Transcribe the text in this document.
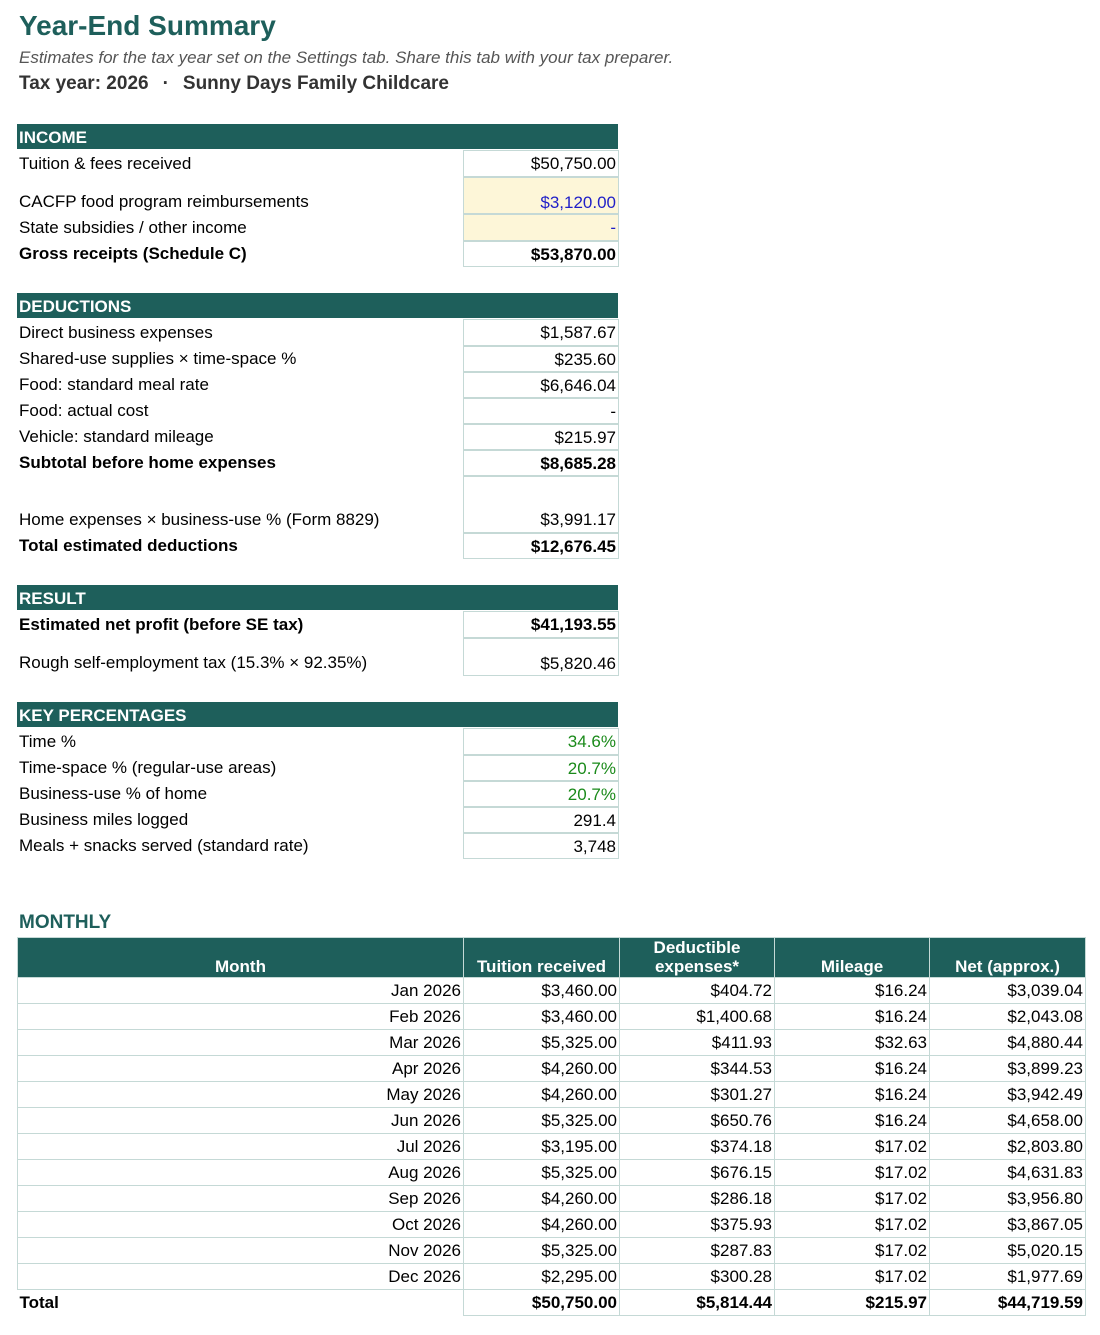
Year-End Summary
Estimates for the tax year set on the Settings tab. Share this tab with your tax preparer.
Tax year: 2026 · Sunny Days Family Childcare
INCOME
Tuition & fees received	$50,750.00
CACFP food program reimbursements	$3,120.00
State subsidies / other income	-
Gross receipts (Schedule C)	$53,870.00
DEDUCTIONS
Direct business expenses	$1,587.67
Shared-use supplies × time-space %	$235.60
Food: standard meal rate	$6,646.04
Food: actual cost	-
Vehicle: standard mileage	$215.97
Subtotal before home expenses	$8,685.28
Home expenses × business-use % (Form 8829)	$3,991.17
Total estimated deductions	$12,676.45
RESULT
Estimated net profit (before SE tax)	$41,193.55
Rough self-employment tax (15.3% × 92.35%)	$5,820.46
KEY PERCENTAGES
Time %	34.6%
Time-space % (regular-use areas)	20.7%
Business-use % of home	20.7%
Business miles logged	291.4
Meals + snacks served (standard rate)	3,748
MONTHLY
Month	Tuition received	Deductible expenses*	Mileage	Net (approx.)
Jan 2026	$3,460.00	$404.72	$16.24	$3,039.04
Feb 2026	$3,460.00	$1,400.68	$16.24	$2,043.08
Mar 2026	$5,325.00	$411.93	$32.63	$4,880.44
Apr 2026	$4,260.00	$344.53	$16.24	$3,899.23
May 2026	$4,260.00	$301.27	$16.24	$3,942.49
Jun 2026	$5,325.00	$650.76	$16.24	$4,658.00
Jul 2026	$3,195.00	$374.18	$17.02	$2,803.80
Aug 2026	$5,325.00	$676.15	$17.02	$4,631.83
Sep 2026	$4,260.00	$286.18	$17.02	$3,956.80
Oct 2026	$4,260.00	$375.93	$17.02	$3,867.05
Nov 2026	$5,325.00	$287.83	$17.02	$5,020.15
Dec 2026	$2,295.00	$300.28	$17.02	$1,977.69
Total	$50,750.00	$5,814.44	$215.97	$44,719.59
